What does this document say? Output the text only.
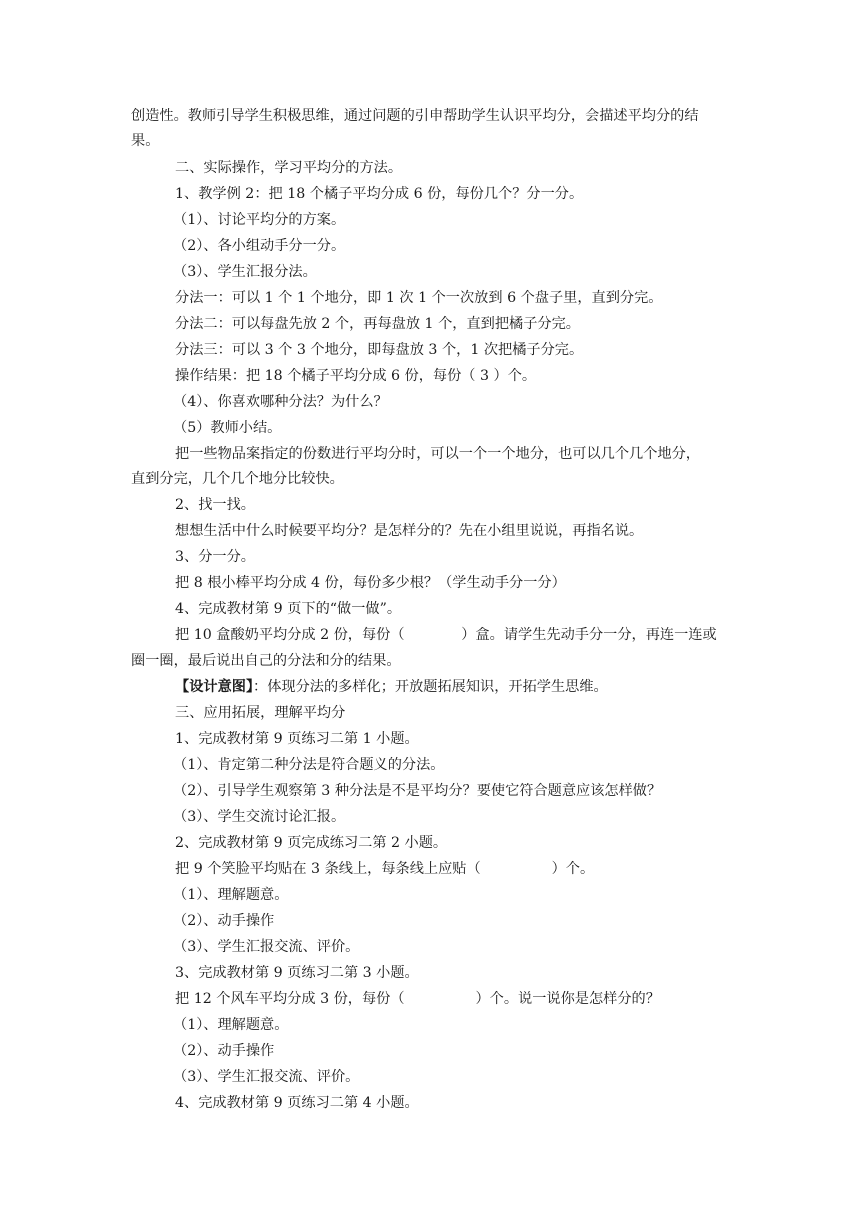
创造性。教师引导学生积极思维，通过问题的引申帮助学生认识平均分，会描述平均分的结
果。
二、实际操作，学习平均分的方法。
1、教学例 2：把 18 个橘子平均分成 6 份，每份几个？分一分。
（1）、讨论平均分的方案。
（2）、各小组动手分一分。
（3）、学生汇报分法。
分法一：可以 1 个 1 个地分，即 1 次 1 个一次放到 6 个盘子里，直到分完。
分法二：可以每盘先放 2 个，再每盘放 1 个，直到把橘子分完。
分法三：可以 3 个 3 个地分，即每盘放 3 个，1 次把橘子分完。
操作结果：把 18 个橘子平均分成 6 份，每份（ 3 ）个。
（4）、你喜欢哪种分法？为什么？
（5）教师小结。
把一些物品案指定的份数进行平均分时，可以一个一个地分，也可以几个几个地分，
直到分完，几个几个地分比较快。
2、找一找。
想想生活中什么时候要平均分？是怎样分的？先在小组里说说，再指名说。
3、分一分。
把 8 根小棒平均分成 4 份，每份多少根？（学生动手分一分）
4、完成教材第 9 页下的“做一做”。
把 10 盒酸奶平均分成 2 份，每份（　　　　）盒。请学生先动手分一分，再连一连或
圈一圈，最后说出自己的分法和分的结果。
【设计意图】：体现分法的多样化；开放题拓展知识，开拓学生思维。
三、应用拓展，理解平均分
1、完成教材第 9 页练习二第 1 小题。
（1）、肯定第二种分法是符合题义的分法。
（2）、引导学生观察第 3 种分法是不是平均分？要使它符合题意应该怎样做？
（3）、学生交流讨论汇报。
2、完成教材第 9 页完成练习二第 2 小题。
把 9 个笑脸平均贴在 3 条线上，每条线上应贴（　　　　　）个。
（1）、理解题意。
（2）、动手操作
（3）、学生汇报交流、评价。
3、完成教材第 9 页练习二第 3 小题。
把 12 个风车平均分成 3 份，每份（　　　　　）个。说一说你是怎样分的？
（1）、理解题意。
（2）、动手操作
（3）、学生汇报交流、评价。
4、完成教材第 9 页练习二第 4 小题。
